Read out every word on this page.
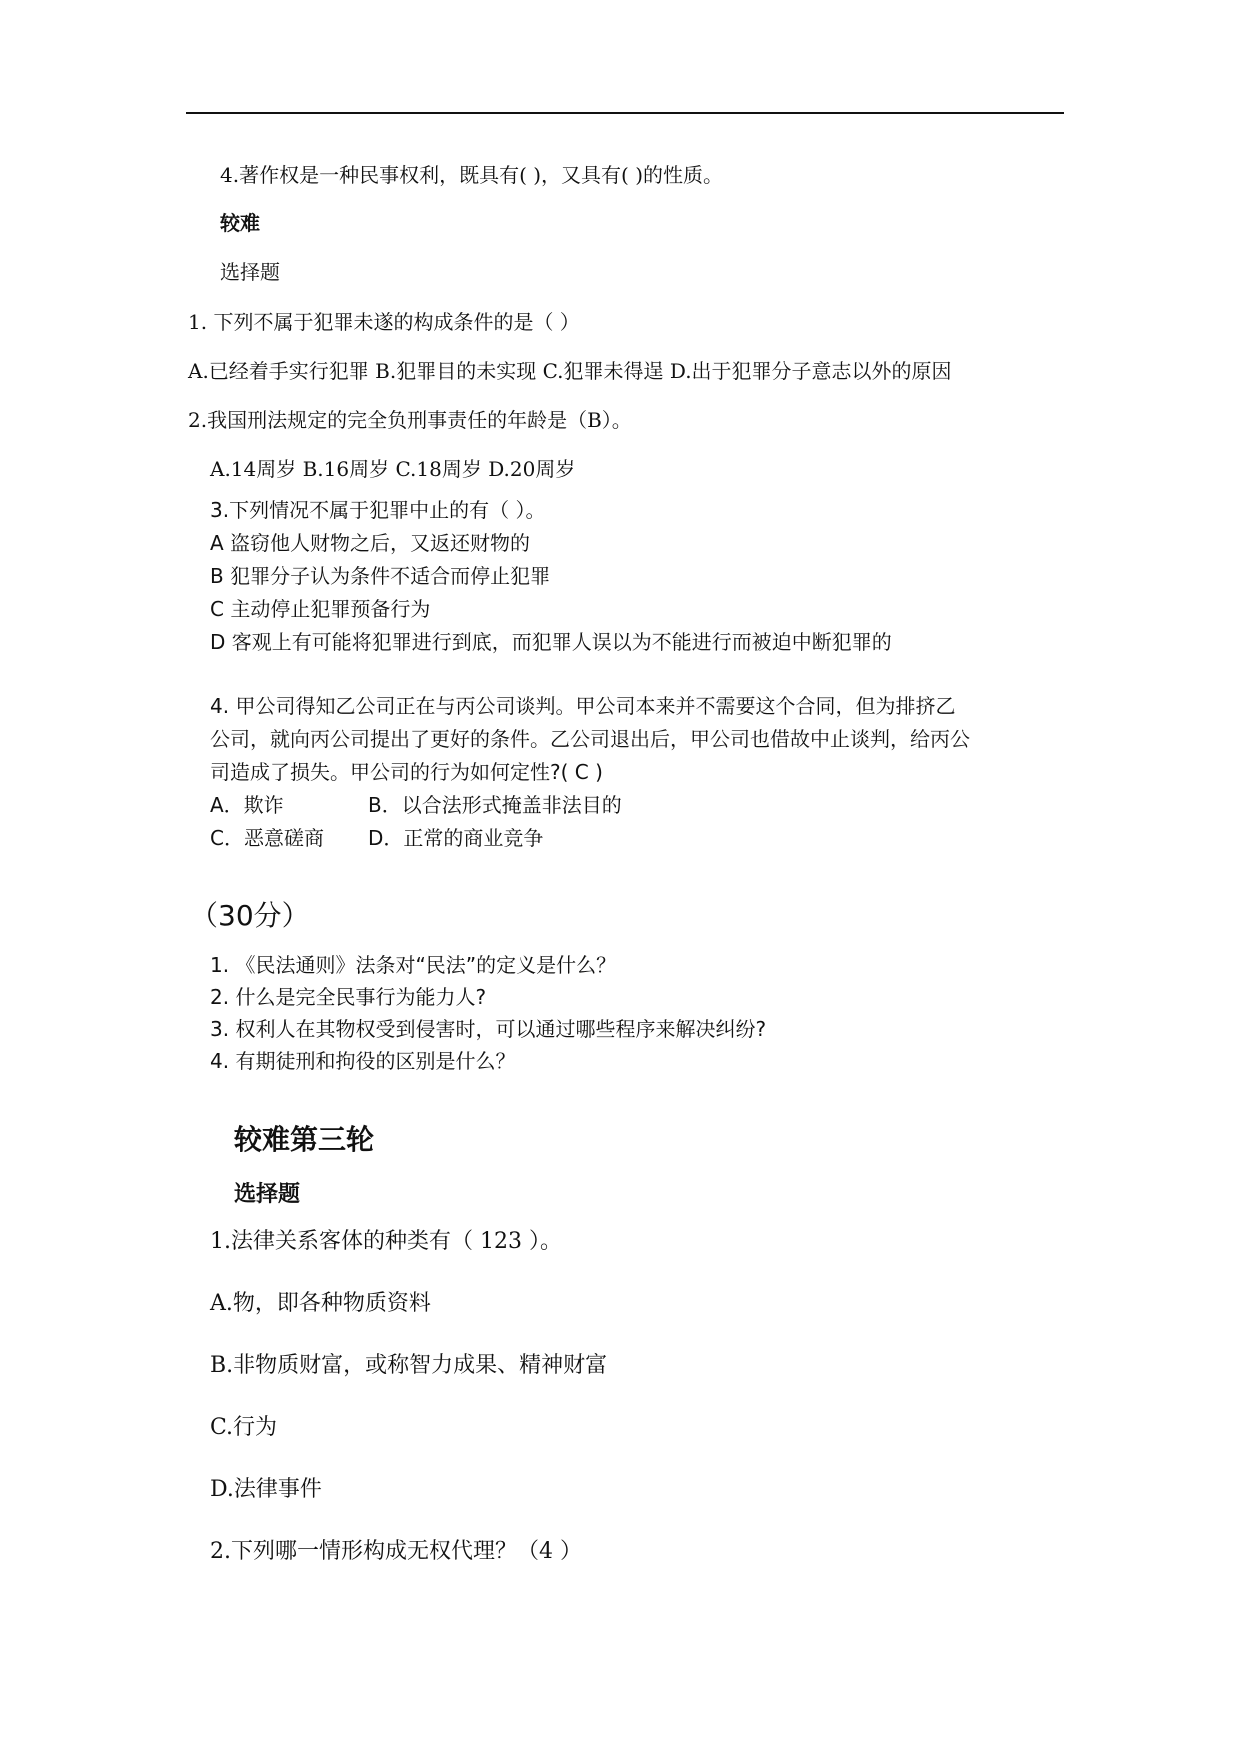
4.著作权是一种民事权利，既具有( )，又具有( )的性质。
较难
选择题
1. 下列不属于犯罪未遂的构成条件的是（ ）
A.已经着手实行犯罪 B.犯罪目的未实现 C.犯罪未得逞 D.出于犯罪分子意志以外的原因
2.我国刑法规定的完全负刑事责任的年龄是（B）。
A.14周岁 B.16周岁 C.18周岁 D.20周岁
3.下列情况不属于犯罪中止的有（ ）。
A 盗窃他人财物之后，又返还财物的
B 犯罪分子认为条件不适合而停止犯罪
C 主动停止犯罪预备行为
D 客观上有可能将犯罪进行到底，而犯罪人误以为不能进行而被迫中断犯罪的
4. 甲公司得知乙公司正在与丙公司谈判。甲公司本来并不需要这个合同，但为排挤乙
公司，就向丙公司提出了更好的条件。乙公司退出后，甲公司也借故中止谈判，给丙公
司造成了损失。甲公司的行为如何定性?( C )
A．欺诈	B．以合法形式掩盖非法目的
C．恶意磋商 D．正常的商业竞争
（30分）
1. 《民法通则》法条对“民法”的定义是什么？
2. 什么是完全民事行为能力人?
3. 权利人在其物权受到侵害时，可以通过哪些程序来解决纠纷?
4. 有期徒刑和拘役的区别是什么？
较难第三轮
选择题
1.法律关系客体的种类有（ 123 ）。
A.物，即各种物质资料
B.非物质财富，或称智力成果、精神财富
C.行为
D.法律事件
2.下列哪一情形构成无权代理？（4 ）
